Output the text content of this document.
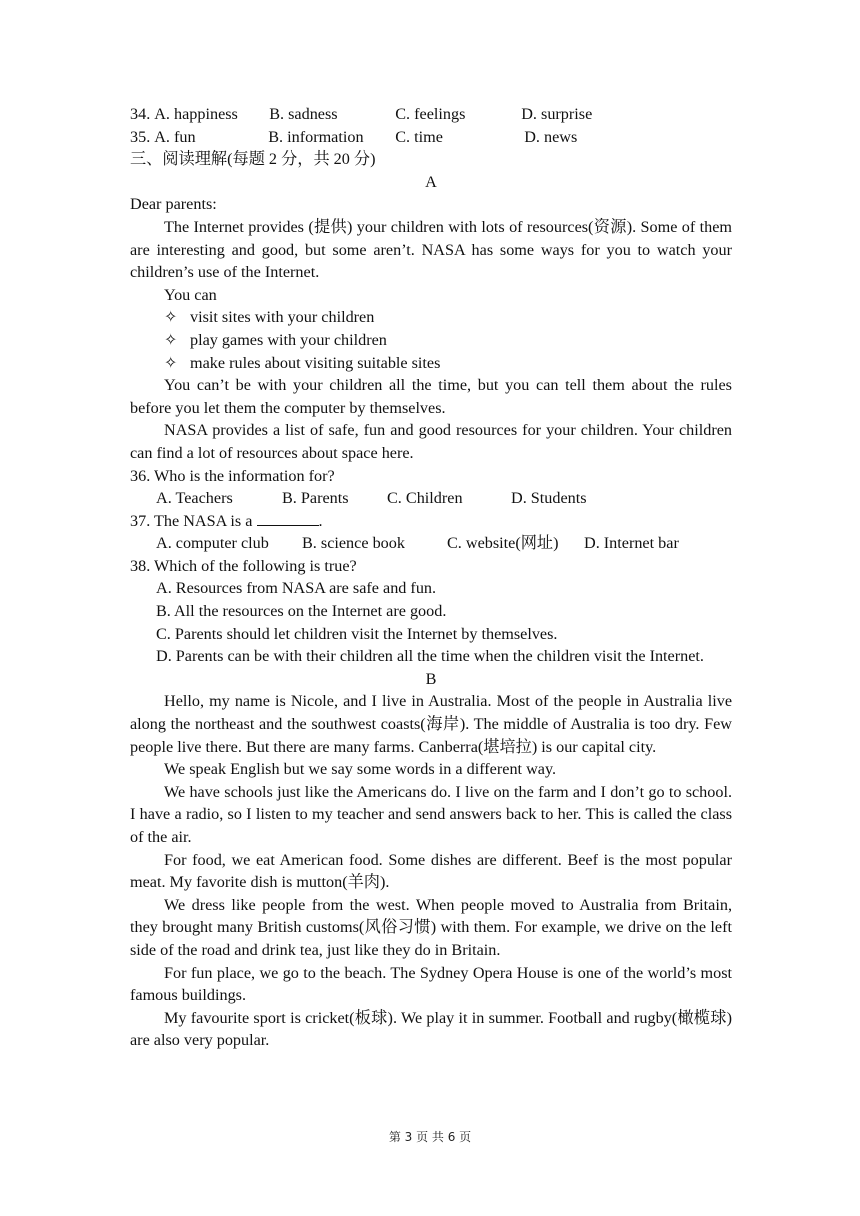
34. A. happiness B. sadness	C. feelings	D. surprise
35. A. fun	B. information C. time	D. news
三、阅读理解(每题 2 分，共 20 分)
A
Dear parents:

The Internet provides (提供) your children with lots of resources(资源). Some of them are interesting and good, but some aren’t. NASA has some ways for you to watch your children’s use of the Internet.

You can
✧ visit sites with your children
✧ play games with your children
✧ make rules about visiting suitable sites

You can’t be with your children all the time, but you can tell them about the rules before you let them the computer by themselves.

NASA provides a list of safe, fun and good resources for your children. Your children can find a lot of resources about space here.

36. Who is the information for?
A. Teachers	B. Parents C. Children	D. Students
37. The NASA is a	.
A. computer club B. science book	C. website(网址) D. Internet bar
38. Which of the following is true?
A. Resources from NASA are safe and fun.
B. All the resources on the Internet are good.
C. Parents should let children visit the Internet by themselves.

D. Parents can be with their children all the time when the children visit the Internet.

B

Hello, my name is Nicole, and I live in Australia. Most of the people in Australia live along the northeast and the southwest coasts(海岸). The middle of Australia is too dry. Few people live there. But there are many farms. Canberra(堪培拉) is our capital city.

We speak English but we say some words in a different way.

We have schools just like the Americans do. I live on the farm and I don’t go to school. I have a radio, so I listen to my teacher and send answers back to her. This is called the class of the air.

For food, we eat American food. Some dishes are different. Beef is the most popular meat. My favorite dish is mutton(羊肉).

We dress like people from the west. When people moved to Australia from Britain, they brought many British customs(风俗习惯) with them. For example, we drive on the left side of the road and drink tea, just like they do in Britain.

For fun place, we go to the beach. The Sydney Opera House is one of the world’s most famous buildings.

My favourite sport is cricket(板球). We play it in summer. Football and rugby(橄榄球) are also very popular.

第 3 页 共 6 页
